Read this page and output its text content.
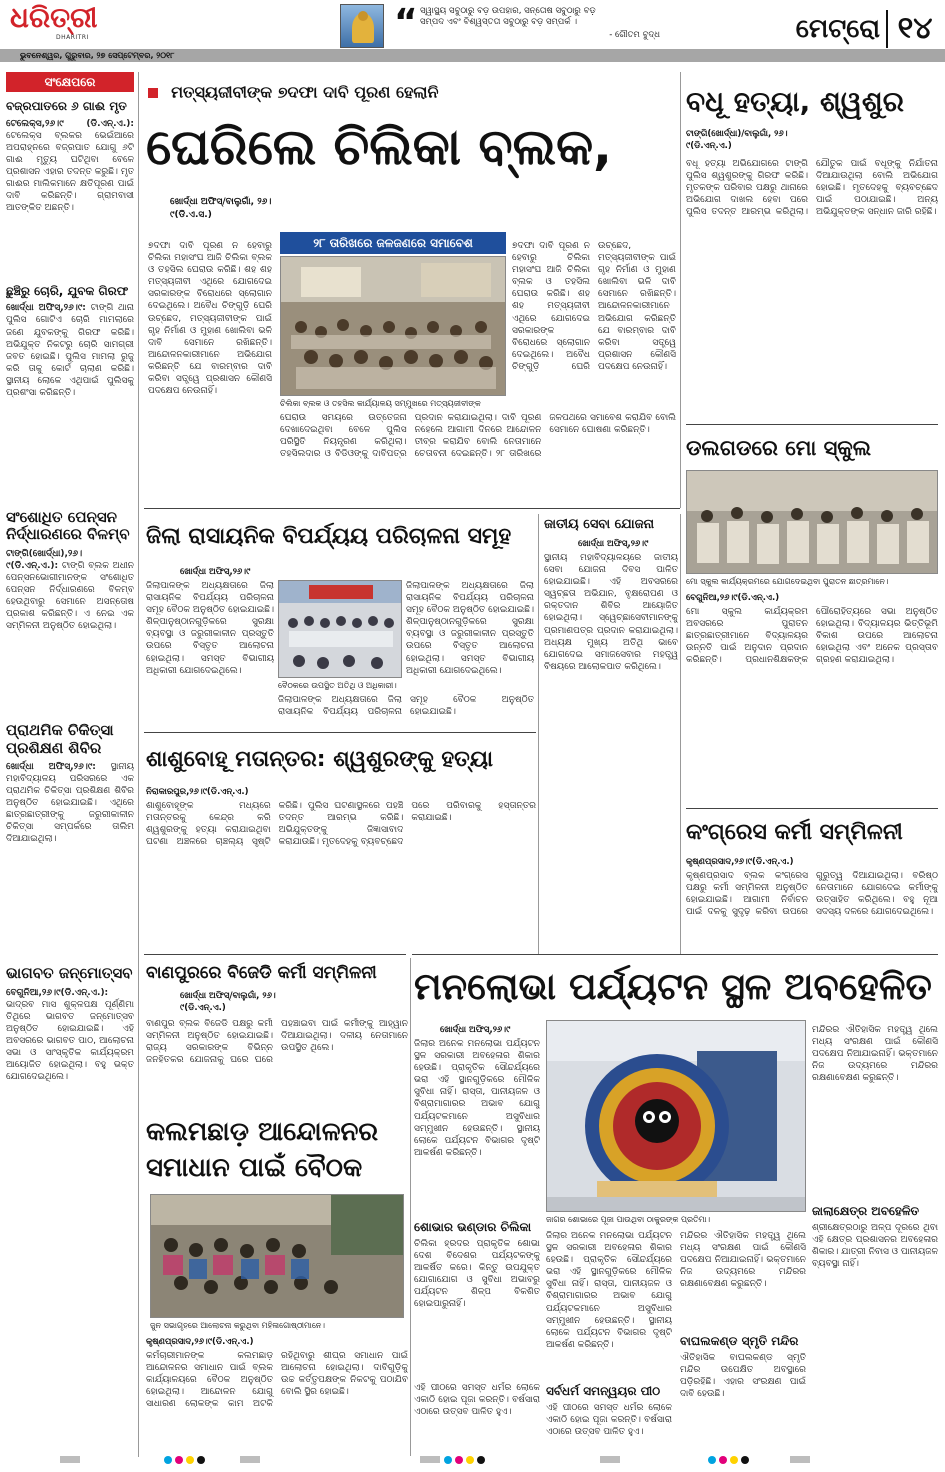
ଧରିତ୍ରୀ
DHARITRI	“ ସ୍ୱାସ୍ଥ୍ୟ ସବୁଠାରୁ ବଡ଼ ଉପହାର, ସନ୍ତୋଷ ସବୁଠାରୁ ବଡ଼
ସମ୍ପଦ ଏବଂ ବିଶ୍ୱସ୍ତତା ସବୁଠାରୁ ବଡ଼ ସମ୍ପର୍କ ।
- ଗୌତମ ବୁଦ୍ଧ	ମେଟ୍ରୋ ୧୪
ଭୁବନେଶ୍ୱର, ଗୁରୁବାର, ୨୭ ସେପ୍ଟେମ୍ବର, ୨୦୧୮
ସଂକ୍ଷେପରେ
ବଜ୍ରପାତରେ ୬ ଗାଈ ମୃତ
ଟେଲେକ୍ସ,୨୬।୯ (ଡି.ଏନ୍.ଏ.): ଟେଲେକ୍ସ ବ୍ଲକର ଭେଇଁଆରେ ଅପରାହ୍ନରେ ବଜ୍ରପାତ ଯୋଗୁ ୬ଟି ଗାଈ ମୃତ୍ୟୁ ଘଟିଥିବା ବେଳେ ପ୍ରଶାସନ ଏହାର ତଦନ୍ତ କରୁଛି। ମୃତ ଗାଈର ମାଲିକମାନେ କ୍ଷତିପୂରଣ ପାଇଁ ଦାବି କରିଛନ୍ତି। ଗ୍ରାମବାସୀ ଆତଙ୍କିତ ଅଛନ୍ତି।
ଛୁଞ୍ଚିରୁ ଚୋରି, ଯୁବକ ଗିରଫ
ଖୋର୍ଦ୍ଧା ଅଫିସ୍,୨୬।୯: ଟାଙ୍ଗି ଥାନା ପୁଲିସ ଗୋଟିଏ ଚୋରି ମାମଲାରେ ଜଣେ ଯୁବକଙ୍କୁ ଗିରଫ କରିଛି। ଅଭିଯୁକ୍ତ ନିକଟରୁ ଚୋରି ସାମଗ୍ରୀ ଜବତ ହୋଇଛି। ପୁଲିସ ମାମଲା ରୁଜୁ କରି ତାକୁ କୋର୍ଟ ଚାଲାଣ କରିଛି। ସ୍ଥାନୀୟ ଲୋକେ ଏଥିପାଇଁ ପୁଲିସକୁ ପ୍ରଶଂସା କରିଛନ୍ତି।
ସଂଶୋଧିତ ପେନ୍‌ସନ ନିର୍ଦ୍ଧାରଣରେ ବିଳମ୍ବ
ଟାଙ୍ଗି(ଖୋର୍ଦ୍ଧା),୨୬।୯(ଡି.ଏନ୍.ଏ.): ଟାଙ୍ଗି ବ୍ଲକ ଅଧୀନ ପେନ୍‌ସନଭୋଗୀମାନଙ୍କ ସଂଶୋଧିତ ପେନ୍‌ସନ ନିର୍ଦ୍ଧାରଣରେ ବିଳମ୍ବ ହେଉଥିବାରୁ ସେମାନେ ଅସନ୍ତୋଷ ପ୍ରକାଶ କରିଛନ୍ତି। ଏ ନେଇ ଏକ ସମ୍ମିଳନୀ ଅନୁଷ୍ଠିତ ହୋଇଥିଲା।
ପ୍ରାଥମିକ ଚିକିତ୍ସା ପ୍ରଶିକ୍ଷଣ ଶିବିର
ଖୋର୍ଦ୍ଧା ଅଫିସ୍,୨୬।୯: ସ୍ଥାନୀୟ ମହାବିଦ୍ୟାଳୟ ପରିସରରେ ଏକ ପ୍ରାଥମିକ ଚିକିତ୍ସା ପ୍ରଶିକ୍ଷଣ ଶିବିର ଅନୁଷ୍ଠିତ ହୋଇଯାଇଛି। ଏଥିରେ ଛାତ୍ରଛାତ୍ରୀଙ୍କୁ ଜରୁରୀକାଳୀନ ଚିକିତ୍ସା ସମ୍ପର୍କରେ ତାଲିମ ଦିଆଯାଇଥିଲା।
ଭାଗବତ ଜନ୍ମୋତ୍ସବ
ବେଗୁନିଆ,୨୬।୯(ଡି.ଏନ୍.ଏ.): ଭାଦ୍ରବ ମାସ ଶୁକ୍ଳପକ୍ଷ ପୂର୍ଣ୍ଣିମା ତିଥିରେ ଭାଗବତ ଜନ୍ମୋତ୍ସବ ଅନୁଷ୍ଠିତ ହୋଇଯାଇଛି। ଏହି ଅବସରରେ ଭାଗବତ ପାଠ, ଆଲୋଚନା ସଭା ଓ ସାଂସ୍କୃତିକ କାର୍ଯ୍ୟକ୍ରମ ଆୟୋଜିତ ହୋଇଥିଲା। ବହୁ ଭକ୍ତ ଯୋଗଦେଇଥିଲେ।
ମତ୍ସ୍ୟଜୀବୀଙ୍କ ୭ଦଫା ଦାବି ପୂରଣ ହେଲାନି
ଘେରିଲେ ଚିଲିକା ବ୍ଲକ,
ଖୋର୍ଦ୍ଧା ଅଫିସ୍/ବାଲୁଗାଁ, ୨୬।୯(ଡି.ଏ.ସ.)
୨୮ ତାରିଖରେ ଜଳଜଣରେ ସମାବେଶ
୭ଦଫା ଦାବି ପୂରଣ ନ ହେବାରୁ ଚିଲିକା ମହାସଂଘ ଆଜି ଚିଲିକା ବ୍ଲକ ଓ ତହସିଲ ଘେରାଉ କରିଛି। ଶହ ଶହ ମତ୍ସ୍ୟଜୀବୀ ଏଥିରେ ଯୋଗଦେଇ ସରକାରଙ୍କ ବିରୋଧରେ ସ୍ଲୋଗାନ ଦେଇଥିଲେ। ଅବୈଧ ଚିଙ୍ଗୁଡ଼ି ଘେରି ଉଚ୍ଛେଦ, ମତ୍ସ୍ୟଜୀବୀଙ୍କ ପାଇଁ ଗୃହ ନିର୍ମାଣ ଓ ମୁହାଣ ଖୋଲିବା ଭଳି ଦାବି ସେମାନେ ରଖିଛନ୍ତି। ଆନ୍ଦୋଳନକାରୀମାନେ ଅଭିଯୋଗ କରିଛନ୍ତି ଯେ ବାରମ୍ବାର ଦାବି କରିବା ସତ୍ତ୍ୱେ ପ୍ରଶାସନ କୌଣସି ପଦକ୍ଷେପ ନେଉନାହିଁ।
ଚିଲିକା ବ୍ଲକ ଓ ତହସିଲ କାର୍ଯ୍ୟାଳୟ ସମ୍ମୁଖରେ ମତ୍ସ୍ୟଜୀବୀଙ୍କ
ଘେରାଉ ସମୟରେ ଉତ୍ତେଜନା ଦେଖାଦେଇଥିବା ବେଳେ ପୁଲିସ ପରିସ୍ଥିତି ନିୟନ୍ତ୍ରଣ କରିଥିଲା। ତହସିଲଦାର ଓ ବିଡିଓଙ୍କୁ ଦାବିପତ୍ର ପ୍ରଦାନ କରାଯାଇଥିଲା। ଦାବି ପୂରଣ ନହେଲେ ଆଗାମୀ ଦିନରେ ଆନ୍ଦୋଳନ ତୀବ୍ର କରାଯିବ ବୋଲି ନେତାମାନେ ଚେତାବନୀ ଦେଇଛନ୍ତି। ୨୮ ତାରିଖରେ ଜଳପଥରେ ସମାବେଶ କରାଯିବ ବୋଲି ସେମାନେ ଘୋଷଣା କରିଛନ୍ତି।
୭ଦଫା ଦାବି ପୂରଣ ନ ହେବାରୁ ଚିଲିକା ମହାସଂଘ ଆଜି ଚିଲିକା ବ୍ଲକ ଓ ତହସିଲ ଘେରାଉ କରିଛି। ଶହ ଶହ ମତ୍ସ୍ୟଜୀବୀ ଏଥିରେ ଯୋଗଦେଇ ସରକାରଙ୍କ ବିରୋଧରେ ସ୍ଲୋଗାନ ଦେଇଥିଲେ। ଅବୈଧ ଚିଙ୍ଗୁଡ଼ି ଘେରି ଉଚ୍ଛେଦ, ମତ୍ସ୍ୟଜୀବୀଙ୍କ ପାଇଁ ଗୃହ ନିର୍ମାଣ ଓ ମୁହାଣ ଖୋଲିବା ଭଳି ଦାବି ସେମାନେ ରଖିଛନ୍ତି। ଆନ୍ଦୋଳନକାରୀମାନେ ଅଭିଯୋଗ କରିଛନ୍ତି ଯେ ବାରମ୍ବାର ଦାବି କରିବା ସତ୍ତ୍ୱେ ପ୍ରଶାସନ କୌଣସି ପଦକ୍ଷେପ ନେଉନାହିଁ।
ବଧୂ ହତ୍ୟା, ଶ୍ୱଶୁର
ଟାଙ୍ଗି(ଖୋର୍ଦ୍ଧା)/ବାଲୁଗାଁ, ୨୬।୯(ଡି.ଏନ୍.ଏ.)
ବଧୂ ହତ୍ୟା ଅଭିଯୋଗରେ ଟାଙ୍ଗି ପୁଲିସ ଶ୍ୱଶୁରଙ୍କୁ ଗିରଫ କରିଛି। ମୃତକଙ୍କ ପରିବାର ପକ୍ଷରୁ ଥାନାରେ ଅଭିଯୋଗ ଦାଖଲ ହେବା ପରେ ପୁଲିସ ତଦନ୍ତ ଆରମ୍ଭ କରିଥିଲା। ଯୌତୁକ ପାଇଁ ବଧୂଙ୍କୁ ନିର୍ଯାତନା ଦିଆଯାଉଥିଲା ବୋଲି ଅଭିଯୋଗ ହୋଇଛି। ମୃତଦେହକୁ ବ୍ୟବଚ୍ଛେଦ ପାଇଁ ପଠାଯାଇଛି। ଅନ୍ୟ ଅଭିଯୁକ୍ତଙ୍କ ସନ୍ଧାନ ଜାରି ରହିଛି।
ଡଲଗଡରେ ମୋ ସ୍କୁଲ
ମୋ ସ୍କୁଲ କାର୍ଯ୍ୟକ୍ରମରେ ଯୋଗଦେଇଥିବା ପୁରାତନ ଛାତ୍ରମାନେ।
ବେଗୁନିଆ,୨୬।୯(ଡି.ଏନ୍.ଏ.)
ମୋ ସ୍କୁଲ କାର୍ଯ୍ୟକ୍ରମ ଅବସରରେ ପୁରାତନ ଛାତ୍ରଛାତ୍ରୀମାନେ ବିଦ୍ୟାଳୟର ଉନ୍ନତି ପାଇଁ ଅନୁଦାନ ପ୍ରଦାନ କରିଛନ୍ତି। ପ୍ରଧାନଶିକ୍ଷକଙ୍କ ପୌରୋହିତ୍ୟରେ ସଭା ଅନୁଷ୍ଠିତ ହୋଇଥିଲା। ବିଦ୍ୟାଳୟର ଭିତ୍ତିଭୂମି ବିକାଶ ଉପରେ ଆଲୋଚନା ହୋଇଥିଲା ଏବଂ ଅନେକ ପ୍ରସ୍ତାବ ଗ୍ରହଣ କରାଯାଇଥିଲା।
କଂଗ୍ରେସ କର୍ମୀ ସମ୍ମିଳନୀ
କୃଷ୍ଣପ୍ରସାଦ,୨୬।୯(ଡି.ଏନ୍.ଏ.)
କୃଷ୍ଣପ୍ରସାଦ ବ୍ଲକ କଂଗ୍ରେସ ପକ୍ଷରୁ କର୍ମୀ ସମ୍ମିଳନୀ ଅନୁଷ୍ଠିତ ହୋଇଯାଇଛି। ଆଗାମୀ ନିର୍ବାଚନ ପାଇଁ ଦଳକୁ ସୁଦୃଢ଼ କରିବା ଉପରେ ଗୁରୁତ୍ୱ ଦିଆଯାଇଥିଲା। ବରିଷ୍ଠ ନେତାମାନେ ଯୋଗଦେଇ କର୍ମୀଙ୍କୁ ଉତ୍ସାହିତ କରିଥିଲେ। ବହୁ ନୂଆ ସଦସ୍ୟ ଦଳରେ ଯୋଗଦେଇଥିଲେ।
ଜିଲା ରାସାୟନିକ ବିପର୍ଯ୍ୟୟ ପରିଚାଳନା ସମୂହ
ଖୋର୍ଦ୍ଧା ଅଫିସ୍,୨୬।୯
ଜିଲାପାଳଙ୍କ ଅଧ୍ୟକ୍ଷତାରେ ଜିଲା ରାସାୟନିକ ବିପର୍ଯ୍ୟୟ ପରିଚାଳନା ସମୂହ ବୈଠକ ଅନୁଷ୍ଠିତ ହୋଇଯାଇଛି। ଶିଳ୍ପାନୁଷ୍ଠାନଗୁଡ଼ିକରେ ସୁରକ୍ଷା ବ୍ୟବସ୍ଥା ଓ ଜରୁରୀକାଳୀନ ପ୍ରସ୍ତୁତି ଉପରେ ବିସ୍ତୃତ ଆଲୋଚନା ହୋଇଥିଲା। ସମସ୍ତ ବିଭାଗୀୟ ଅଧିକାରୀ ଯୋଗଦେଇଥିଲେ।
ବୈଠକରେ ଉପସ୍ଥିତ ଅତିଥି ଓ ଅଧିକାରୀ।
ଜିଲାପାଳଙ୍କ ଅଧ୍ୟକ୍ଷତାରେ ଜିଲା ରାସାୟନିକ ବିପର୍ଯ୍ୟୟ ପରିଚାଳନା ସମୂହ ବୈଠକ ଅନୁଷ୍ଠିତ ହୋଇଯାଇଛି।
ଜିଲାପାଳଙ୍କ ଅଧ୍ୟକ୍ଷତାରେ ଜିଲା ରାସାୟନିକ ବିପର୍ଯ୍ୟୟ ପରିଚାଳନା ସମୂହ ବୈଠକ ଅନୁଷ୍ଠିତ ହୋଇଯାଇଛି। ଶିଳ୍ପାନୁଷ୍ଠାନଗୁଡ଼ିକରେ ସୁରକ୍ଷା ବ୍ୟବସ୍ଥା ଓ ଜରୁରୀକାଳୀନ ପ୍ରସ୍ତୁତି ଉପରେ ବିସ୍ତୃତ ଆଲୋଚନା ହୋଇଥିଲା। ସମସ୍ତ ବିଭାଗୀୟ ଅଧିକାରୀ ଯୋଗଦେଇଥିଲେ।
ଜାତୀୟ ସେବା ଯୋଜନା
ଖୋର୍ଦ୍ଧା ଅଫିସ୍,୨୬।୯
ସ୍ଥାନୀୟ ମହାବିଦ୍ୟାଳୟରେ ଜାତୀୟ ସେବା ଯୋଜନା ଦିବସ ପାଳିତ ହୋଇଯାଇଛି। ଏହି ଅବସରରେ ସ୍ୱଚ୍ଛତା ଅଭିଯାନ, ବୃକ୍ଷରୋପଣ ଓ ରକ୍ତଦାନ ଶିବିର ଆୟୋଜିତ ହୋଇଥିଲା। ସ୍ୱେଚ୍ଛାସେବୀମାନଙ୍କୁ ପ୍ରମାଣପତ୍ର ପ୍ରଦାନ କରାଯାଇଥିଲା। ଅଧ୍ୟକ୍ଷ ମୁଖ୍ୟ ଅତିଥି ଭାବେ ଯୋଗଦେଇ ସମାଜସେବାର ମହତ୍ତ୍ୱ ବିଷୟରେ ଆଲୋକପାତ କରିଥିଲେ।
ଶାଶୁବୋହୂ ମତାନ୍ତର: ଶ୍ୱଶୁରଙ୍କୁ ହତ୍ୟା
ନିରାକାରପୁର,୨୬।୯(ଡି.ଏନ୍.ଏ.)
ଶାଶୁବୋହୂଙ୍କ ମଧ୍ୟରେ ମତାନ୍ତରକୁ କେନ୍ଦ୍ର କରି ଶ୍ୱଶୁରଙ୍କୁ ହତ୍ୟା କରାଯାଇଥିବା ଘଟଣା ଅଞ୍ଚଳରେ ଚାଞ୍ଚଲ୍ୟ ସୃଷ୍ଟି କରିଛି। ପୁଲିସ ଘଟଣାସ୍ଥଳରେ ପହଞ୍ଚି ତଦନ୍ତ ଆରମ୍ଭ କରିଛି। ଅଭିଯୁକ୍ତଙ୍କୁ ଜିଜ୍ଞାସାବାଦ କରାଯାଉଛି। ମୃତଦେହକୁ ବ୍ୟବଚ୍ଛେଦ ପରେ ପରିବାରକୁ ହସ୍ତାନ୍ତର କରାଯାଇଛି।
ବାଣପୁରରେ ବିଜେଡି କର୍ମୀ ସମ୍ମିଳନୀ
ଖୋର୍ଦ୍ଧା ଅଫିସ୍/ବାଲୁଗାଁ, ୨୬।୯(ଡି.ଏନ୍.ଏ.)
ବାଣପୁର ବ୍ଲକ ବିଜେଡି ପକ୍ଷରୁ କର୍ମୀ ସମ୍ମିଳନୀ ଅନୁଷ୍ଠିତ ହୋଇଯାଇଛି। ରାଜ୍ୟ ସରକାରଙ୍କ ବିଭିନ୍ନ ଜନହିତକର ଯୋଜନାକୁ ଘରେ ଘରେ ପହଞ୍ଚାଇବା ପାଇଁ କର୍ମୀଙ୍କୁ ଆହ୍ୱାନ ଦିଆଯାଇଥିଲା। ଦଳୀୟ ନେତାମାନେ ଉପସ୍ଥିତ ଥିଲେ।
କଲମଛାଡ଼ ଆନ୍ଦୋଳନର ସମାଧାନ ପାଇଁ ବୈଠକ
ଜୁନ ସଭାଗୃହରେ ଆଲୋଚନା କରୁଥିବା ମହିଳାଗୋଷ୍ଠୀମାନେ।
କୃଷ୍ଣପ୍ରସାଦ,୨୬।୯(ଡି.ଏନ୍.ଏ.)
କର୍ମଚାରୀମାନଙ୍କ କଲମଛାଡ଼ ଆନ୍ଦୋଳନର ସମାଧାନ ପାଇଁ ବ୍ଲକ କାର୍ଯ୍ୟାଳୟରେ ବୈଠକ ଅନୁଷ୍ଠିତ ହୋଇଥିଲା। ଆନ୍ଦୋଳନ ଯୋଗୁ ସାଧାରଣ ଲୋକଙ୍କ କାମ ଅଟକି ରହିଥିବାରୁ ଶୀଘ୍ର ସମାଧାନ ପାଇଁ ଆଲୋଚନା ହୋଇଥିଲା। ଦାବିଗୁଡ଼ିକୁ ଉଚ୍ଚ କର୍ତ୍ତୃପକ୍ଷଙ୍କ ନିକଟକୁ ପଠାଯିବ ବୋଲି ସ୍ଥିର ହୋଇଛି।
ମନଲୋଭା ପର୍ଯ୍ୟଟନ ସ୍ଥଳ ଅବହେଳିତ
ଖୋର୍ଦ୍ଧା ଅଫିସ୍,୨୬।୯
ଜିଲାର ଅନେକ ମନଲୋଭା ପର୍ଯ୍ୟଟନ ସ୍ଥଳ ସରକାରୀ ଅବହେଳାର ଶିକାର ହେଉଛି। ପ୍ରାକୃତିକ ସୌନ୍ଦର୍ଯ୍ୟରେ ଭରା ଏହି ସ୍ଥାନଗୁଡ଼ିକରେ ମୌଳିକ ସୁବିଧା ନାହିଁ। ରାସ୍ତା, ପାନୀୟଜଳ ଓ ବିଶ୍ରାମାଗାରର ଅଭାବ ଯୋଗୁ ପର୍ଯ୍ୟଟକମାନେ ଅସୁବିଧାର ସମ୍ମୁଖୀନ ହେଉଛନ୍ତି। ସ୍ଥାନୀୟ ଲୋକେ ପର୍ଯ୍ୟଟନ ବିଭାଗର ଦୃଷ୍ଟି ଆକର୍ଷଣ କରିଛନ୍ତି।
ଜାଗର ଶୋଭାରେ ପୂଜା ପାଉଥିବା ଠାକୁରଙ୍କ ପ୍ରତିମା।
ମନ୍ଦିରର ଐତିହାସିକ ମହତ୍ତ୍ୱ ଥିଲେ ମଧ୍ୟ ସଂରକ୍ଷଣ ପାଇଁ କୌଣସି ପଦକ୍ଷେପ ନିଆଯାଇନାହିଁ। ଭକ୍ତମାନେ ନିଜ ଉଦ୍ୟମରେ ମନ୍ଦିରର ରକ୍ଷଣାବେକ୍ଷଣ କରୁଛନ୍ତି।
ଶୋଭାର ଭଣ୍ଡାର ଚିଲିକା
ଚିଲିକା ହ୍ରଦର ପ୍ରାକୃତିକ ଶୋଭା ଦେଶ ବିଦେଶର ପର୍ଯ୍ୟଟକଙ୍କୁ ଆକର୍ଷିତ କରେ। କିନ୍ତୁ ଉପଯୁକ୍ତ ଯୋଗାଯୋଗ ଓ ସୁବିଧା ଅଭାବରୁ ପର୍ଯ୍ୟଟନ ଶିଳ୍ପ ବିକଶିତ ହୋଇପାରୁନାହିଁ।
ଜିଲାର ଅନେକ ମନଲୋଭା ପର୍ଯ୍ୟଟନ ସ୍ଥଳ ସରକାରୀ ଅବହେଳାର ଶିକାର ହେଉଛି। ପ୍ରାକୃତିକ ସୌନ୍ଦର୍ଯ୍ୟରେ ଭରା ଏହି ସ୍ଥାନଗୁଡ଼ିକରେ ମୌଳିକ ସୁବିଧା ନାହିଁ। ରାସ୍ତା, ପାନୀୟଜଳ ଓ ବିଶ୍ରାମାଗାରର ଅଭାବ ଯୋଗୁ ପର୍ଯ୍ୟଟକମାନେ ଅସୁବିଧାର ସମ୍ମୁଖୀନ ହେଉଛନ୍ତି। ସ୍ଥାନୀୟ ଲୋକେ ପର୍ଯ୍ୟଟନ ବିଭାଗର ଦୃଷ୍ଟି ଆକର୍ଷଣ କରିଛନ୍ତି।
ସର୍ବଧର୍ମ ସମନ୍ୱୟର ପୀଠ
ଏହି ପୀଠରେ ସମସ୍ତ ଧର୍ମର ଲୋକେ ଏକାଠି ହୋଇ ପୂଜା କରନ୍ତି। ବର୍ଷସାରା ଏଠାରେ ଉତ୍ସବ ପାଳିତ ହୁଏ।
ଏହି ପୀଠରେ ସମସ୍ତ ଧର୍ମର ଲୋକେ ଏକାଠି ହୋଇ ପୂଜା କରନ୍ତି। ବର୍ଷସାରା ଏଠାରେ ଉତ୍ସବ ପାଳିତ ହୁଏ।
ମନ୍ଦିରର ଐତିହାସିକ ମହତ୍ତ୍ୱ ଥିଲେ ମଧ୍ୟ ସଂରକ୍ଷଣ ପାଇଁ କୌଣସି ପଦକ୍ଷେପ ନିଆଯାଇନାହିଁ। ଭକ୍ତମାନେ ନିଜ ଉଦ୍ୟମରେ ମନ୍ଦିରର ରକ୍ଷଣାବେକ୍ଷଣ କରୁଛନ୍ତି।
ବାଘଲକଣ୍ଡ ସ୍ମୃତି ମନ୍ଦିର
ଐତିହାସିକ ବାଘଲକଣ୍ଡ ସ୍ମୃତି ମନ୍ଦିର ଉପେକ୍ଷିତ ଅବସ୍ଥାରେ ପଡ଼ିରହିଛି। ଏହାର ସଂରକ୍ଷଣ ପାଇଁ ଦାବି ହେଉଛି।
ଜାଲାକ୍ଷେତ୍ର ଅବହେଳିତ
ଶ୍ରୀକ୍ଷେତ୍ରଠାରୁ ଅଳ୍ପ ଦୂରରେ ଥିବା ଏହି କ୍ଷେତ୍ର ପ୍ରଶାସନର ଅବହେଳାର ଶିକାର। ଯାତ୍ରୀ ନିବାସ ଓ ପାନୀୟଜଳ ବ୍ୟବସ୍ଥା ନାହିଁ।
